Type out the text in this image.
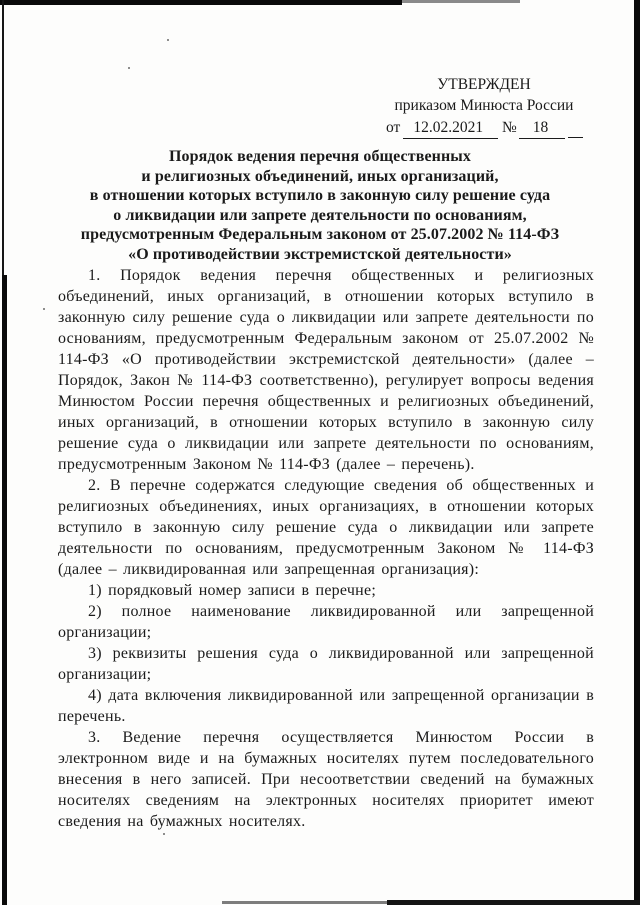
УТВЕРЖДЕН
приказом Минюста России
от 12.02.2021 № 18
Порядок ведения перечня общественных
и религиозных объединений, иных организаций,
в отношении которых вступило в законную силу решение суда
о ликвидации или запрете деятельности по основаниям,
предусмотренным Федеральным законом от 25.07.2002 № 114-ФЗ
«О противодействии экстремистской деятельности»

1. Порядок ведения перечня общественных и религиозных объединений, иных организаций, в отношении которых вступило в законную силу решение суда о ликвидации или запрете деятельности по основаниям, предусмотренным Федеральным законом от 25.07.2002 № 114-ФЗ «О противодействии экстремистской деятельности» (далее – Порядок, Закон № 114-ФЗ соответственно), регулирует вопросы ведения Минюстом России перечня общественных и религиозных объединений, иных организаций, в отношении которых вступило в законную силу решение суда о ликвидации или запрете деятельности по основаниям, предусмотренным Законом № 114-ФЗ (далее – перечень).

2. В перечне содержатся следующие сведения об общественных и религиозных объединениях, иных организациях, в отношении которых вступило в законную силу решение суда о ликвидации или запрете деятельности по основаниям, предусмотренным Законом № 114-ФЗ (далее – ликвидированная или запрещенная организация):

1) порядковый номер записи в перечне;

2) полное наименование ликвидированной или запрещенной организации;

3) реквизиты решения суда о ликвидированной или запрещенной организации;

4) дата включения ликвидированной или запрещенной организации в перечень.

3. Ведение перечня осуществляется Минюстом России в электронном виде и на бумажных носителях путем последовательного внесения в него записей. При несоответствии сведений на бумажных носителях сведениям на электронных носителях приоритет имеют сведения на бумажных носителях.
